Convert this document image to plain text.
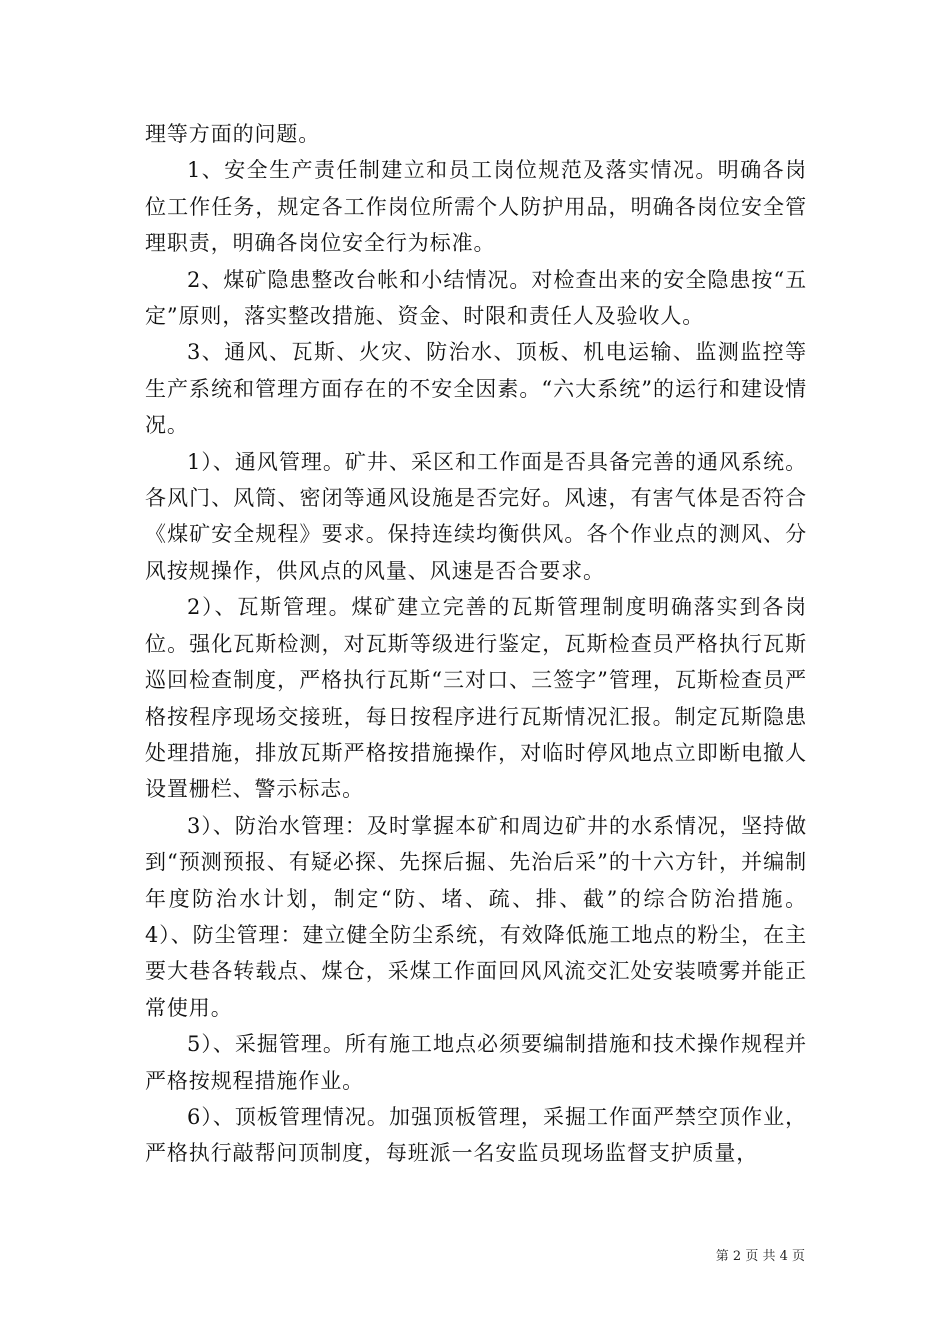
理等方面的问题。

1、安全生产责任制建立和员工岗位规范及落实情况。明确各岗位工作任务，规定各工作岗位所需个人防护用品，明确各岗位安全管理职责，明确各岗位安全行为标准。

2、煤矿隐患整改台帐和小结情况。对检查出来的安全隐患按“五定”原则，落实整改措施、资金、时限和责任人及验收人。

3、通风、瓦斯、火灾、防治水、顶板、机电运输、监测监控等生产系统和管理方面存在的不安全因素。“六大系统”的运行和建设情况。

1）、通风管理。矿井、采区和工作面是否具备完善的通风系统。各风门、风筒、密闭等通风设施是否完好。风速，有害气体是否符合《煤矿安全规程》要求。保持连续均衡供风。各个作业点的测风、分风按规操作，供风点的风量、风速是否合要求。

2）、瓦斯管理。煤矿建立完善的瓦斯管理制度明确落实到各岗位。强化瓦斯检测，对瓦斯等级进行鉴定，瓦斯检查员严格执行瓦斯巡回检查制度，严格执行瓦斯“三对口、三签字”管理，瓦斯检查员严格按程序现场交接班，每日按程序进行瓦斯情况汇报。制定瓦斯隐患处理措施，排放瓦斯严格按措施操作，对临时停风地点立即断电撤人设置栅栏、警示标志。

3）、防治水管理：及时掌握本矿和周边矿井的水系情况，坚持做到“预测预报、有疑必探、先探后掘、先治后采”的十六方针，并编制年度防治水计划，制定“防、堵、疏、排、截”的综合防治措施。4）、防尘管理：建立健全防尘系统，有效降低施工地点的粉尘，在主要大巷各转载点、煤仓，采煤工作面回风风流交汇处安装喷雾并能正常使用。

5）、采掘管理。所有施工地点必须要编制措施和技术操作规程并严格按规程措施作业。

6）、顶板管理情况。加强顶板管理，采掘工作面严禁空顶作业，严格执行敲帮问顶制度，每班派一名安监员现场监督支护质量，

第 2 页 共 4 页
